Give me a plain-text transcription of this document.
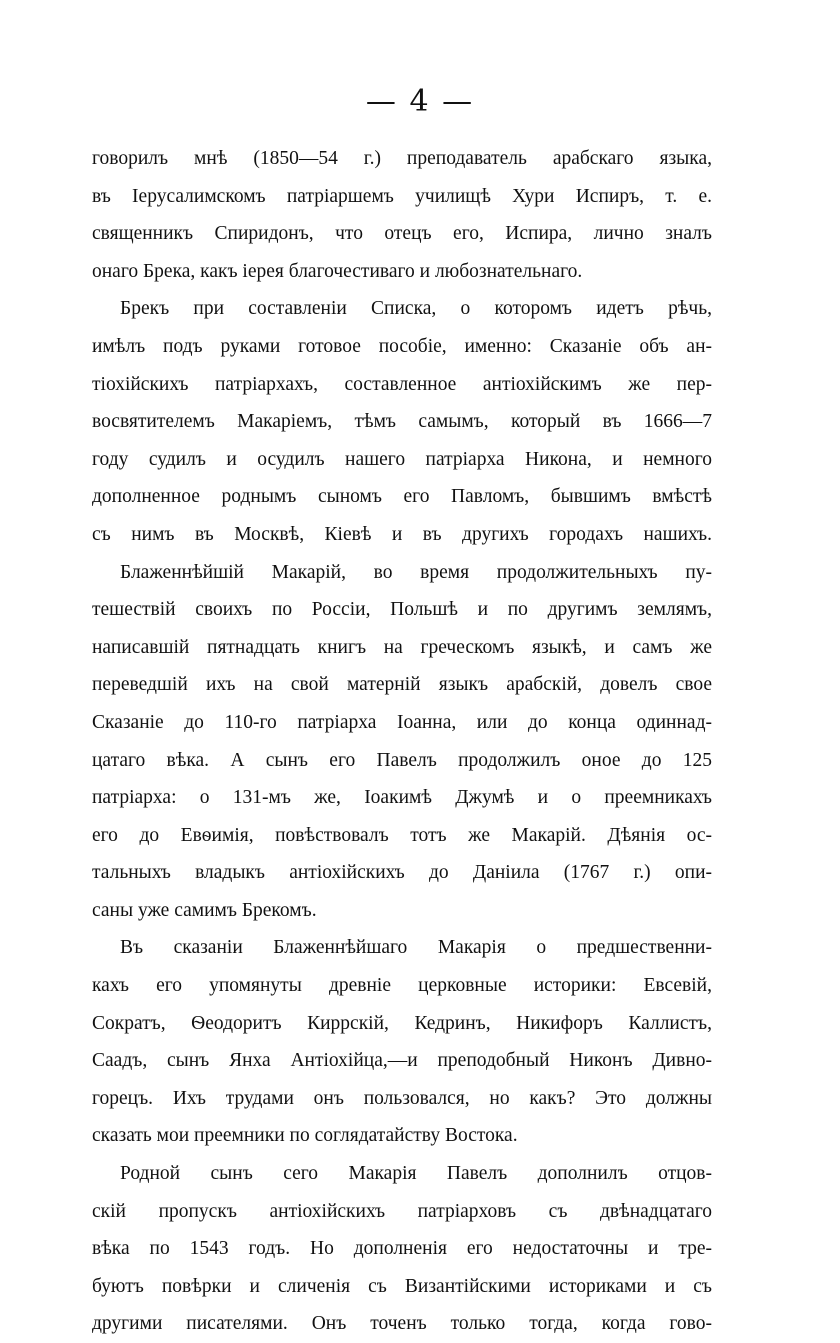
— 4 —
говорилъ мнѣ (1850—54 г.) преподаватель арабскаго языка,
въ Іерусалимскомъ патріаршемъ училищѣ Хури Испиръ, т. е.
священникъ Спиридонъ, что отецъ его, Испира, лично зналъ
онаго Брека, какъ іерея благочестиваго и любознательнаго.
Брекъ при составленіи Списка, о которомъ идетъ рѣчь,
имѣлъ подъ руками готовое пособіе, именно: Сказаніе объ ан-
тіохійскихъ патріархахъ, составленное антіохійскимъ же пер-
восвятителемъ Макаріемъ, тѣмъ самымъ, который въ 1666—7
году судилъ и осудилъ нашего патріарха Никона, и немного
дополненное роднымъ сыномъ его Павломъ, бывшимъ вмѣстѣ
съ нимъ въ Москвѣ, Кіевѣ и въ другихъ городахъ нашихъ.
Блаженнѣйшій Макарій, во время продолжительныхъ пу-
тешествій своихъ по Россіи, Польшѣ и по другимъ землямъ,
написавшій пятнадцать книгъ на греческомъ языкѣ, и самъ же
переведшій ихъ на свой матерній языкъ арабскій, довелъ свое
Сказаніе до 110-го патріарха Іоанна, или до конца одиннад-
цатаго вѣка. А сынъ его Павелъ продолжилъ оное до 125
патріарха: о 131-мъ же, Іоакимѣ Джумѣ и о преемникахъ
его до Евѳимія, повѣствовалъ тотъ же Макарій. Дѣянія ос-
тальныхъ владыкъ антіохійскихъ до Даніила (1767 г.) опи-
саны уже самимъ Брекомъ.
Въ сказаніи Блаженнѣйшаго Макарія о предшественни-
кахъ его упомянуты древніе церковные историки: Евсевій,
Сократъ, Ѳеодоритъ Киррскій, Кедринъ, Никифоръ Каллистъ,
Саадъ, сынъ Янха Антіохійца,—и преподобный Никонъ Дивно-
горецъ. Ихъ трудами онъ пользовался, но какъ? Это должны
сказать мои преемники по соглядатайству Востока.
Родной сынъ сего Макарія Павелъ дополнилъ отцов-
скій пропускъ антіохійскихъ патріарховъ съ двѣнадцатаго
вѣка по 1543 годъ. Но дополненія его недостаточны и тре-
буютъ повѣрки и сличенія съ Византійскими историками и съ
другими писателями. Онъ точенъ только тогда, когда гово-
